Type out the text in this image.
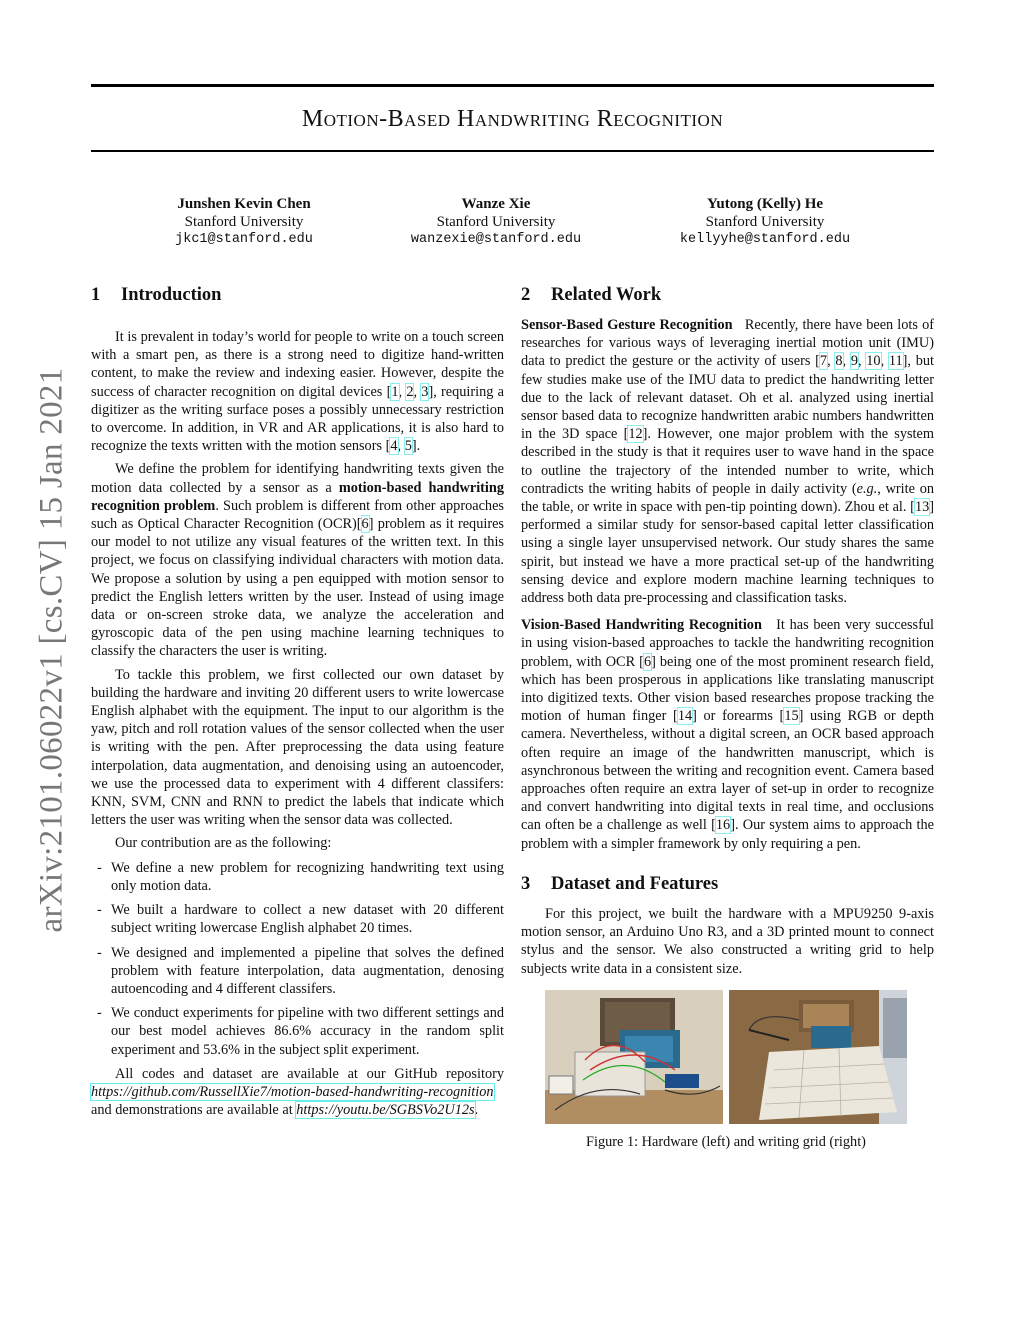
Motion-Based Handwriting Recognition
arXiv:2101.06022v1 [cs.CV] 15 Jan 2021
Junshen Kevin Chen
Stanford University
jkc1@stanford.edu
Wanze Xie
Stanford University
wanzexie@stanford.edu
Yutong (Kelly) He
Stanford University
kellyyhe@stanford.edu
1 Introduction

It is prevalent in today’s world for people to write on a touch screen with a smart pen, as there is a strong need to digitize hand-written content, to make the review and indexing easier. However, despite the success of character recognition on digital devices [1, 2, 3], requiring a digitizer as the writing surface poses a possibly unnecessary restriction to overcome. In addition, in VR and AR applications, it is also hard to recognize the texts written with the motion sensors [4, 5].

We define the problem for identifying handwriting texts given the motion data collected by a sensor as a motion-based handwriting recognition problem. Such problem is different from other approaches such as Optical Character Recognition (OCR)[6] problem as it requires our model to not utilize any visual features of the written text. In this project, we focus on classifying individual characters with motion data. We propose a solution by using a pen equipped with motion sensor to predict the English letters written by the user. Instead of using image data or on-screen stroke data, we analyze the acceleration and gyroscopic data of the pen using machine learning techniques to classify the characters the user is writing.

To tackle this problem, we first collected our own dataset by building the hardware and inviting 20 different users to write lowercase English alphabet with the equipment. The input to our algorithm is the yaw, pitch and roll rotation values of the sensor collected when the user is writing with the pen. After preprocessing the data using feature interpolation, data augmentation, and denoising using an autoencoder, we use the processed data to experiment with 4 different classifers: KNN, SVM, CNN and RNN to predict the labels that indicate which letters the user was writing when the sensor data was collected.

Our contribution are as the following:

- We define a new problem for recognizing handwriting text using only motion data.
- We built a hardware to collect a new dataset with 20 different subject writing lowercase English alphabet 20 times.
- We designed and implemented a pipeline that solves the defined problem with feature interpolation, data augmentation, denosing autoencoding and 4 different classifers.
- We conduct experiments for pipeline with two different settings and our best model achieves 86.6% accuracy in the random split experiment and 53.6% in the subject split experiment.

All codes and dataset are available at our GitHub repository https://github.com/RussellXie7/motion-based-handwriting-recognition and demonstrations are available at https://youtu.be/SGBSVo2U12s.

2 Related Work

Sensor-Based Gesture Recognition Recently, there have been lots of researches for various ways of leveraging inertial motion unit (IMU) data to predict the gesture or the activity of users [7, 8, 9, 10, 11], but few studies make use of the IMU data to predict the handwriting letter due to the lack of relevant dataset. Oh et al. analyzed using inertial sensor based data to recognize handwritten arabic numbers handwritten in the 3D space [12]. However, one major problem with the system described in the study is that it requires user to wave hand in the space to outline the trajectory of the intended number to write, which contradicts the writing habits of people in daily activity (e.g., write on the table, or write in space with pen-tip pointing down). Zhou et al. [13] performed a similar study for sensor-based capital letter classification using a single layer unsupervised network. Our study shares the same spirit, but instead we have a more practical set-up of the handwriting sensing device and explore modern machine learning techniques to address both data pre-processing and classification tasks.

Vision-Based Handwriting Recognition It has been very successful in using vision-based approaches to tackle the handwriting recognition problem, with OCR [6] being one of the most prominent research field, which has been prosperous in applications like translating manuscript into digitized texts. Other vision based researches propose tracking the motion of human finger [14] or forearms [15] using RGB or depth camera. Nevertheless, without a digital screen, an OCR based approach often require an image of the handwritten manuscript, which is asynchronous between the writing and recognition event. Camera based approaches often require an extra layer of set-up in order to recognize and convert handwriting into digital texts in real time, and occlusions can often be a challenge as well [16]. Our system aims to approach the problem with a simpler framework by only requiring a pen.

3 Dataset and Features

For this project, we built the hardware with a MPU9250 9-axis motion sensor, an Arduino Uno R3, and a 3D printed mount to connect stylus and the sensor. We also constructed a writing grid to help subjects write data in a consistent size.

Figure 1: Hardware (left) and writing grid (right)
